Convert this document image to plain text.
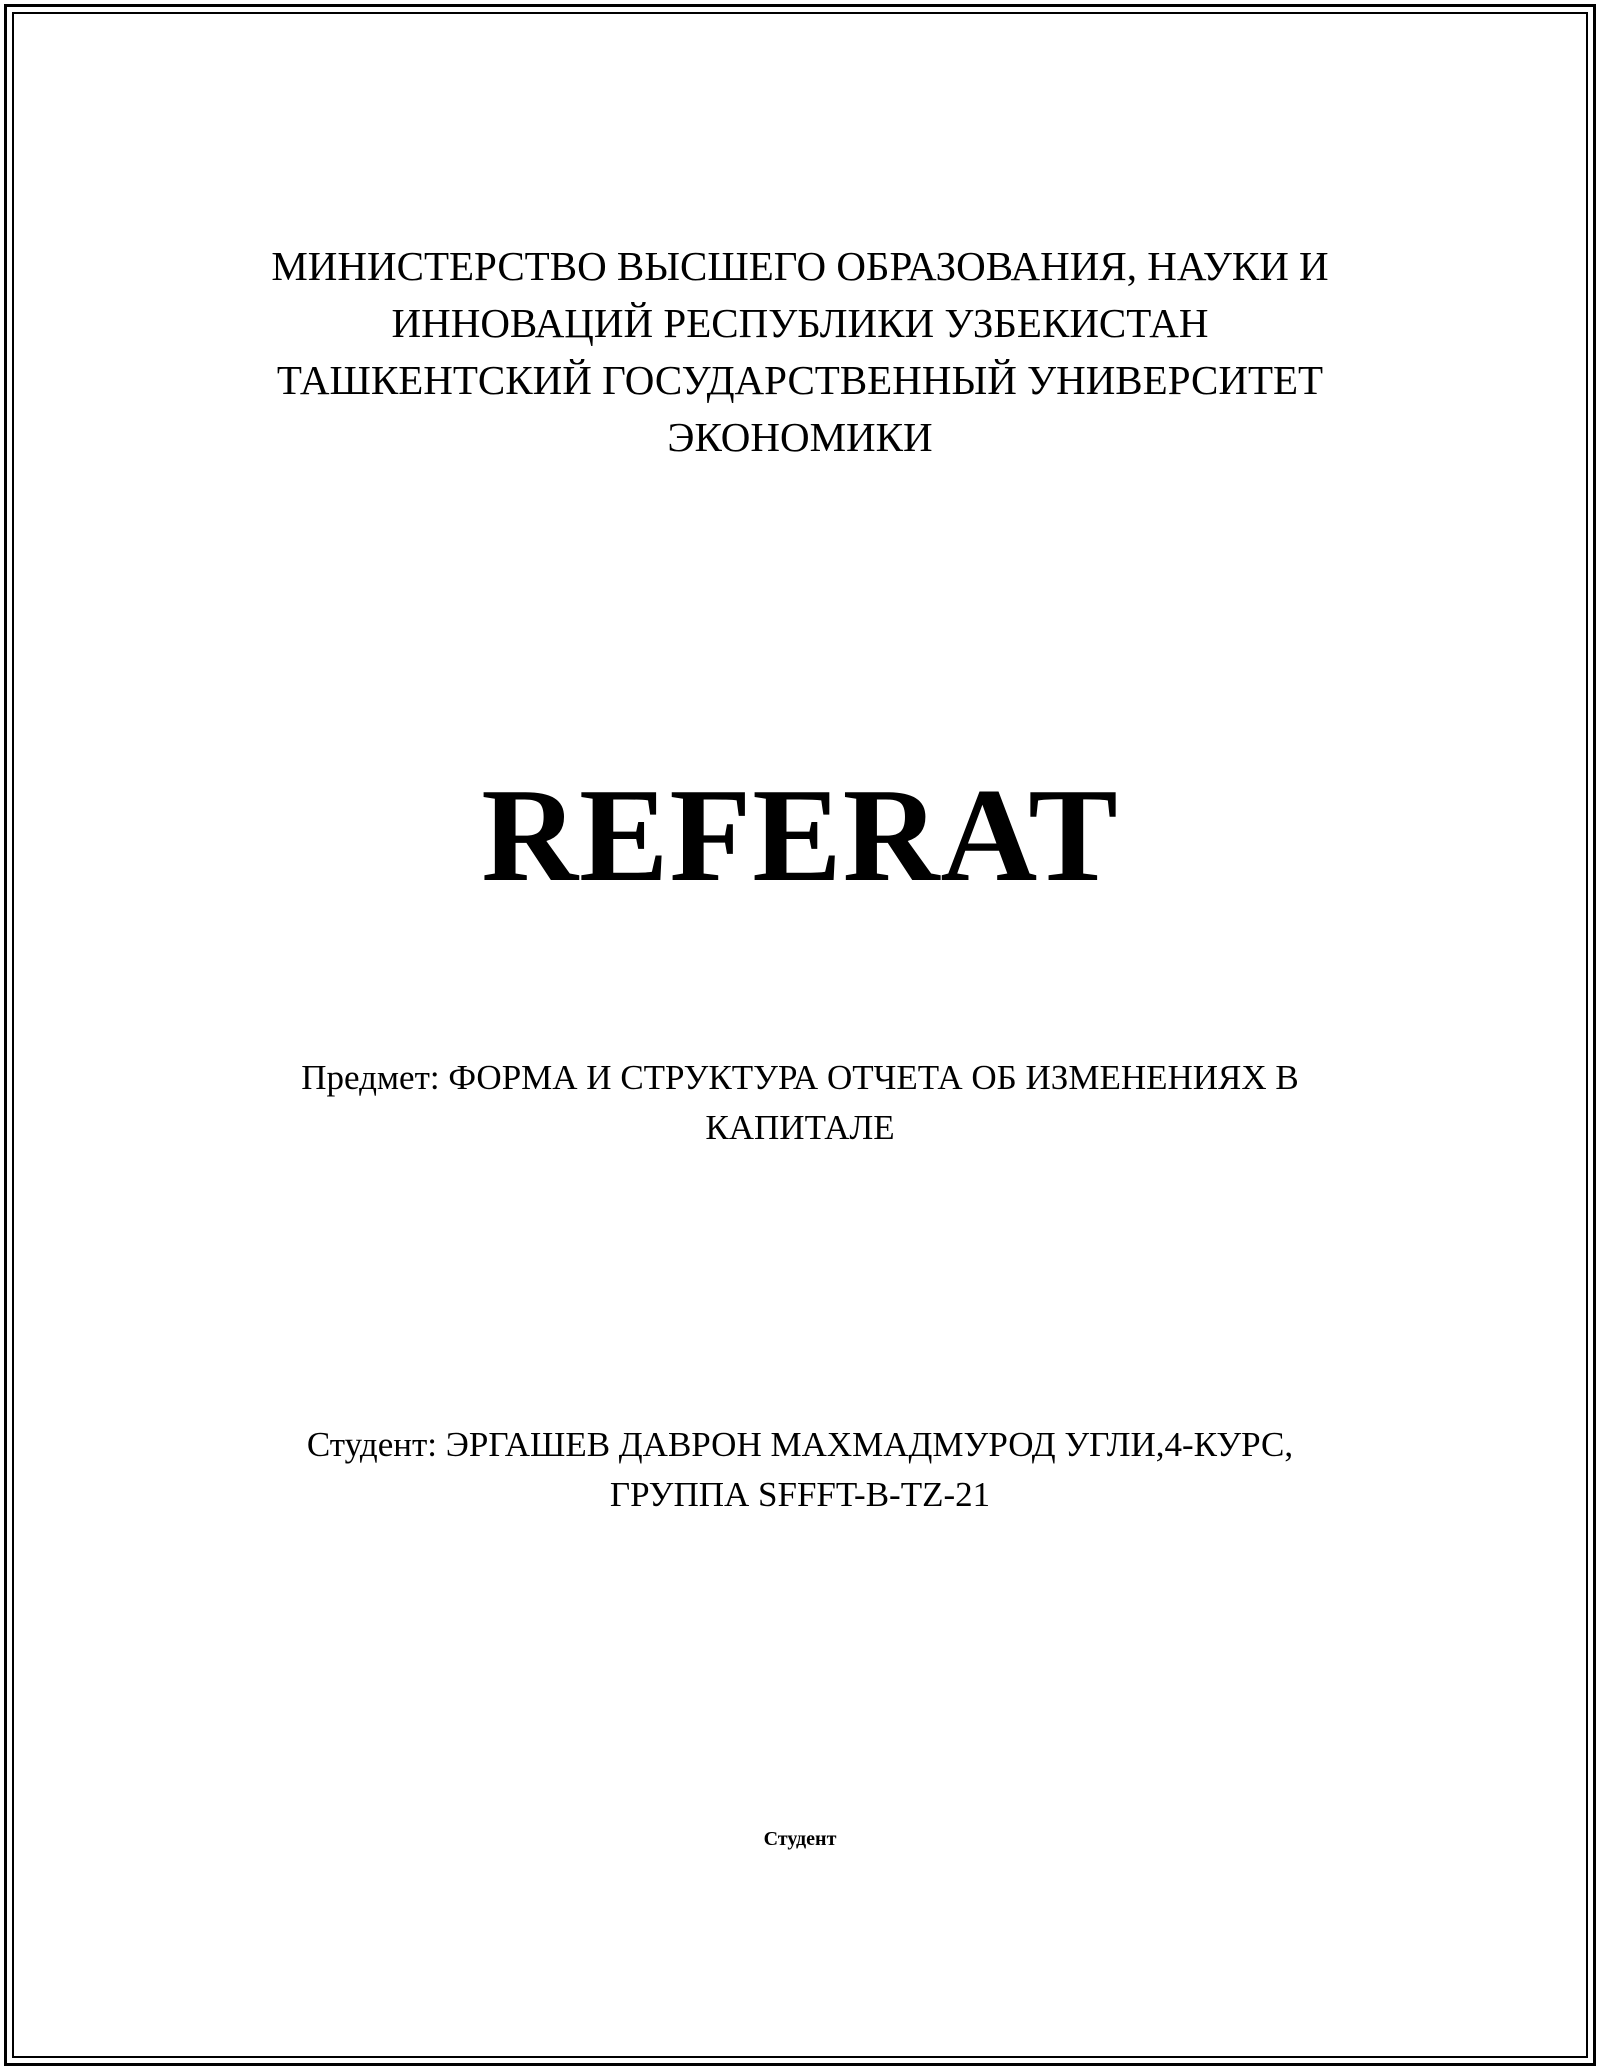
МИНИСТЕРСТВО ВЫСШЕГО ОБРАЗОВАНИЯ, НАУКИ И
ИННОВАЦИЙ РЕСПУБЛИКИ УЗБЕКИСТАН
ТАШКЕНТСКИЙ ГОСУДАРСТВЕННЫЙ УНИВЕРСИТЕТ
ЭКОНОМИКИ
REFERAT
Предмет: ФОРМА И СТРУКТУРА ОТЧЕТА ОБ ИЗМЕНЕНИЯХ В
КАПИТАЛЕ
Студент: ЭРГАШЕВ ДАВРОН МАХМАДМУРОД УГЛИ,4-КУРС,
ГРУППА SFFFT-B-TZ-21
Студент
